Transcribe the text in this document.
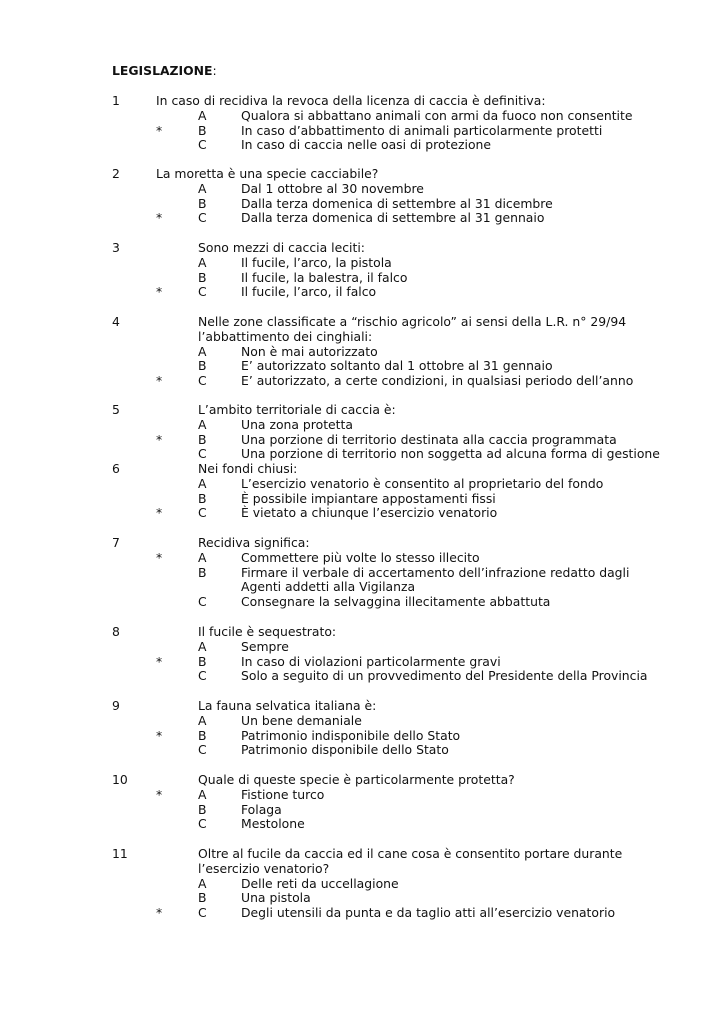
LEGISLAZIONE:
1	In caso di recidiva la revoca della licenza di caccia è definitiva:
A	Qualora si abbattano animali con armi da fuoco non consentite
*	B	In caso d’abbattimento di animali particolarmente protetti
C	In caso di caccia nelle oasi di protezione
2	La moretta è una specie cacciabile?
A	Dal 1 ottobre al 30 novembre
B	Dalla terza domenica di settembre al 31 dicembre
*	C	Dalla terza domenica di settembre al 31 gennaio
3	Sono mezzi di caccia leciti:
A	Il fucile, l’arco, la pistola
B	Il fucile, la balestra, il falco
*	C	Il fucile, l’arco, il falco
4	Nelle zone classificate a “rischio agricolo” ai sensi della L.R. n° 29/94
l’abbattimento dei cinghiali:
A	Non è mai autorizzato
B	E’ autorizzato soltanto dal 1 ottobre al 31 gennaio
*	C	E’ autorizzato, a certe condizioni, in qualsiasi periodo dell’anno
5	L’ambito territoriale di caccia è:
A	Una zona protetta
*	B	Una porzione di territorio destinata alla caccia programmata
C	Una porzione di territorio non soggetta ad alcuna forma di gestione
6	Nei fondi chiusi:
A	L’esercizio venatorio è consentito al proprietario del fondo
B	È possibile impiantare appostamenti fissi
*	C	È vietato a chiunque l’esercizio venatorio
7	Recidiva significa:
*	A	Commettere più volte lo stesso illecito
B	Firmare il verbale di accertamento dell’infrazione redatto dagli
Agenti addetti alla Vigilanza
C	Consegnare la selvaggina illecitamente abbattuta
8	Il fucile è sequestrato:
A	Sempre
*	B	In caso di violazioni particolarmente gravi
C	Solo a seguito di un provvedimento del Presidente della Provincia
9	La fauna selvatica italiana è:
A	Un bene demaniale
*	B	Patrimonio indisponibile dello Stato
C	Patrimonio disponibile dello Stato
10	Quale di queste specie è particolarmente protetta?
*	A	Fistione turco
B	Folaga
C	Mestolone
11	Oltre al fucile da caccia ed il cane cosa è consentito portare durante
l’esercizio venatorio?
A	Delle reti da uccellagione
B	Una pistola
*	C	Degli utensili da punta e da taglio atti all’esercizio venatorio
